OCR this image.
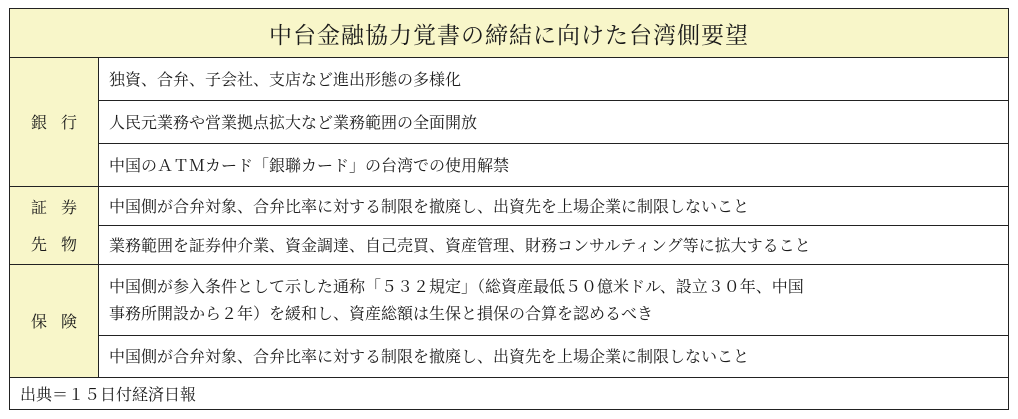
中台金融協力覚書の締結に向けた台湾側要望
銀行
独資、合弁、子会社、支店など進出形態の多様化
人民元業務や営業拠点拡大など業務範囲の全面開放
中国のＡＴＭカード「銀聯カード」の台湾での使用解禁
証券
先物
中国側が合弁対象、合弁比率に対する制限を撤廃し、出資先を上場企業に制限しないこと
業務範囲を証券仲介業、資金調達、自己売買、資産管理、財務コンサルティング等に拡大すること
保険
中国側が参入条件として示した通称「５３２規定」（総資産最低５０億米ドル、設立３０年、中国
事務所開設から２年）を緩和し、資産総額は生保と損保の合算を認めるべき
中国側が合弁対象、合弁比率に対する制限を撤廃し、出資先を上場企業に制限しないこと
出典＝１５日付経済日報
